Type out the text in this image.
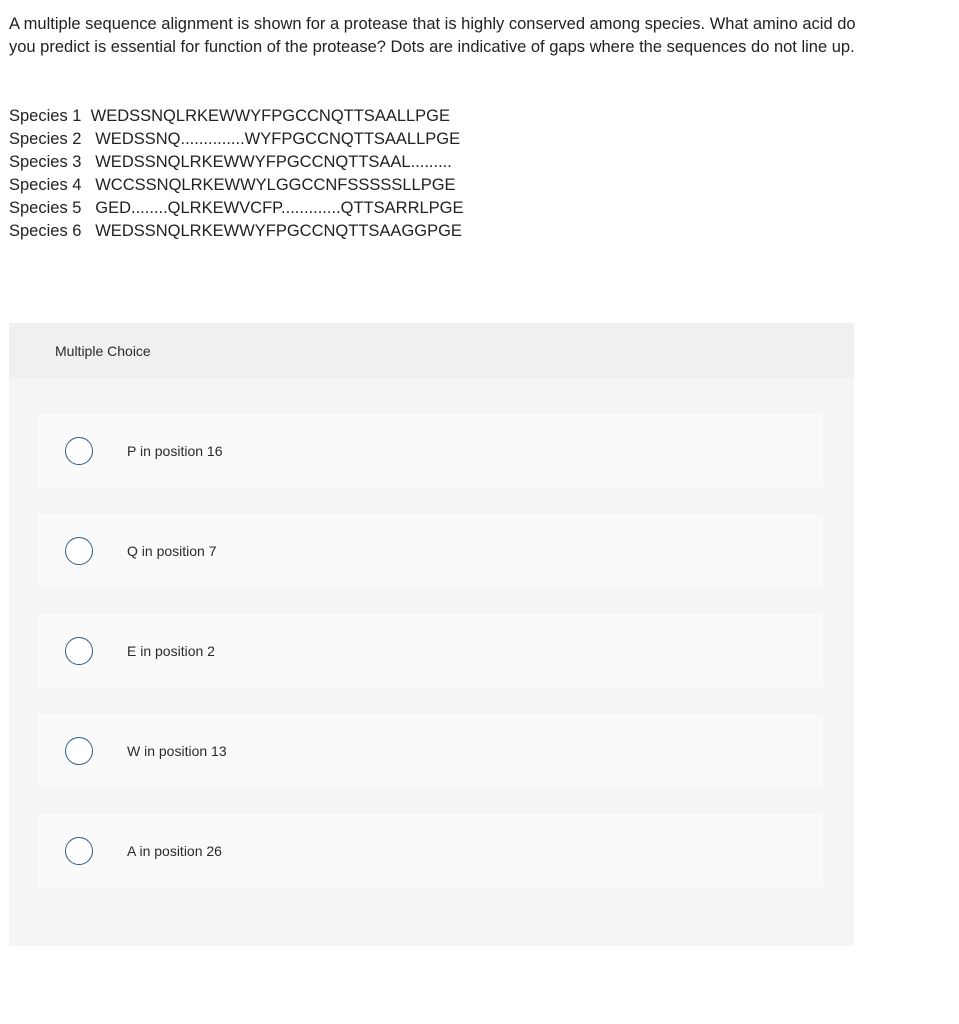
A multiple sequence alignment is shown for a protease that is highly conserved among species. What amino acid do you predict is essential for function of the protease? Dots are indicative of gaps where the sequences do not line up.

Species 1 WEDSSNQLRKEWWYFPGCCNQTTSAALLPGE
Species 2 WEDSSNQ..............WYFPGCCNQTTSAALLPGE
Species 3 WEDSSNQLRKEWWYFPGCCNQTTSAAL.........
Species 4 WCCSSNQLRKEWWYLGGCCNFSSSSSLLPGE
Species 5 GED........QLRKEWVCFP.............QTTSARRLPGE
Species 6 WEDSSNQLRKEWWYFPGCCNQTTSAAGGPGE
Multiple Choice
P in position 16
Q in position 7
E in position 2
W in position 13
A in position 26
